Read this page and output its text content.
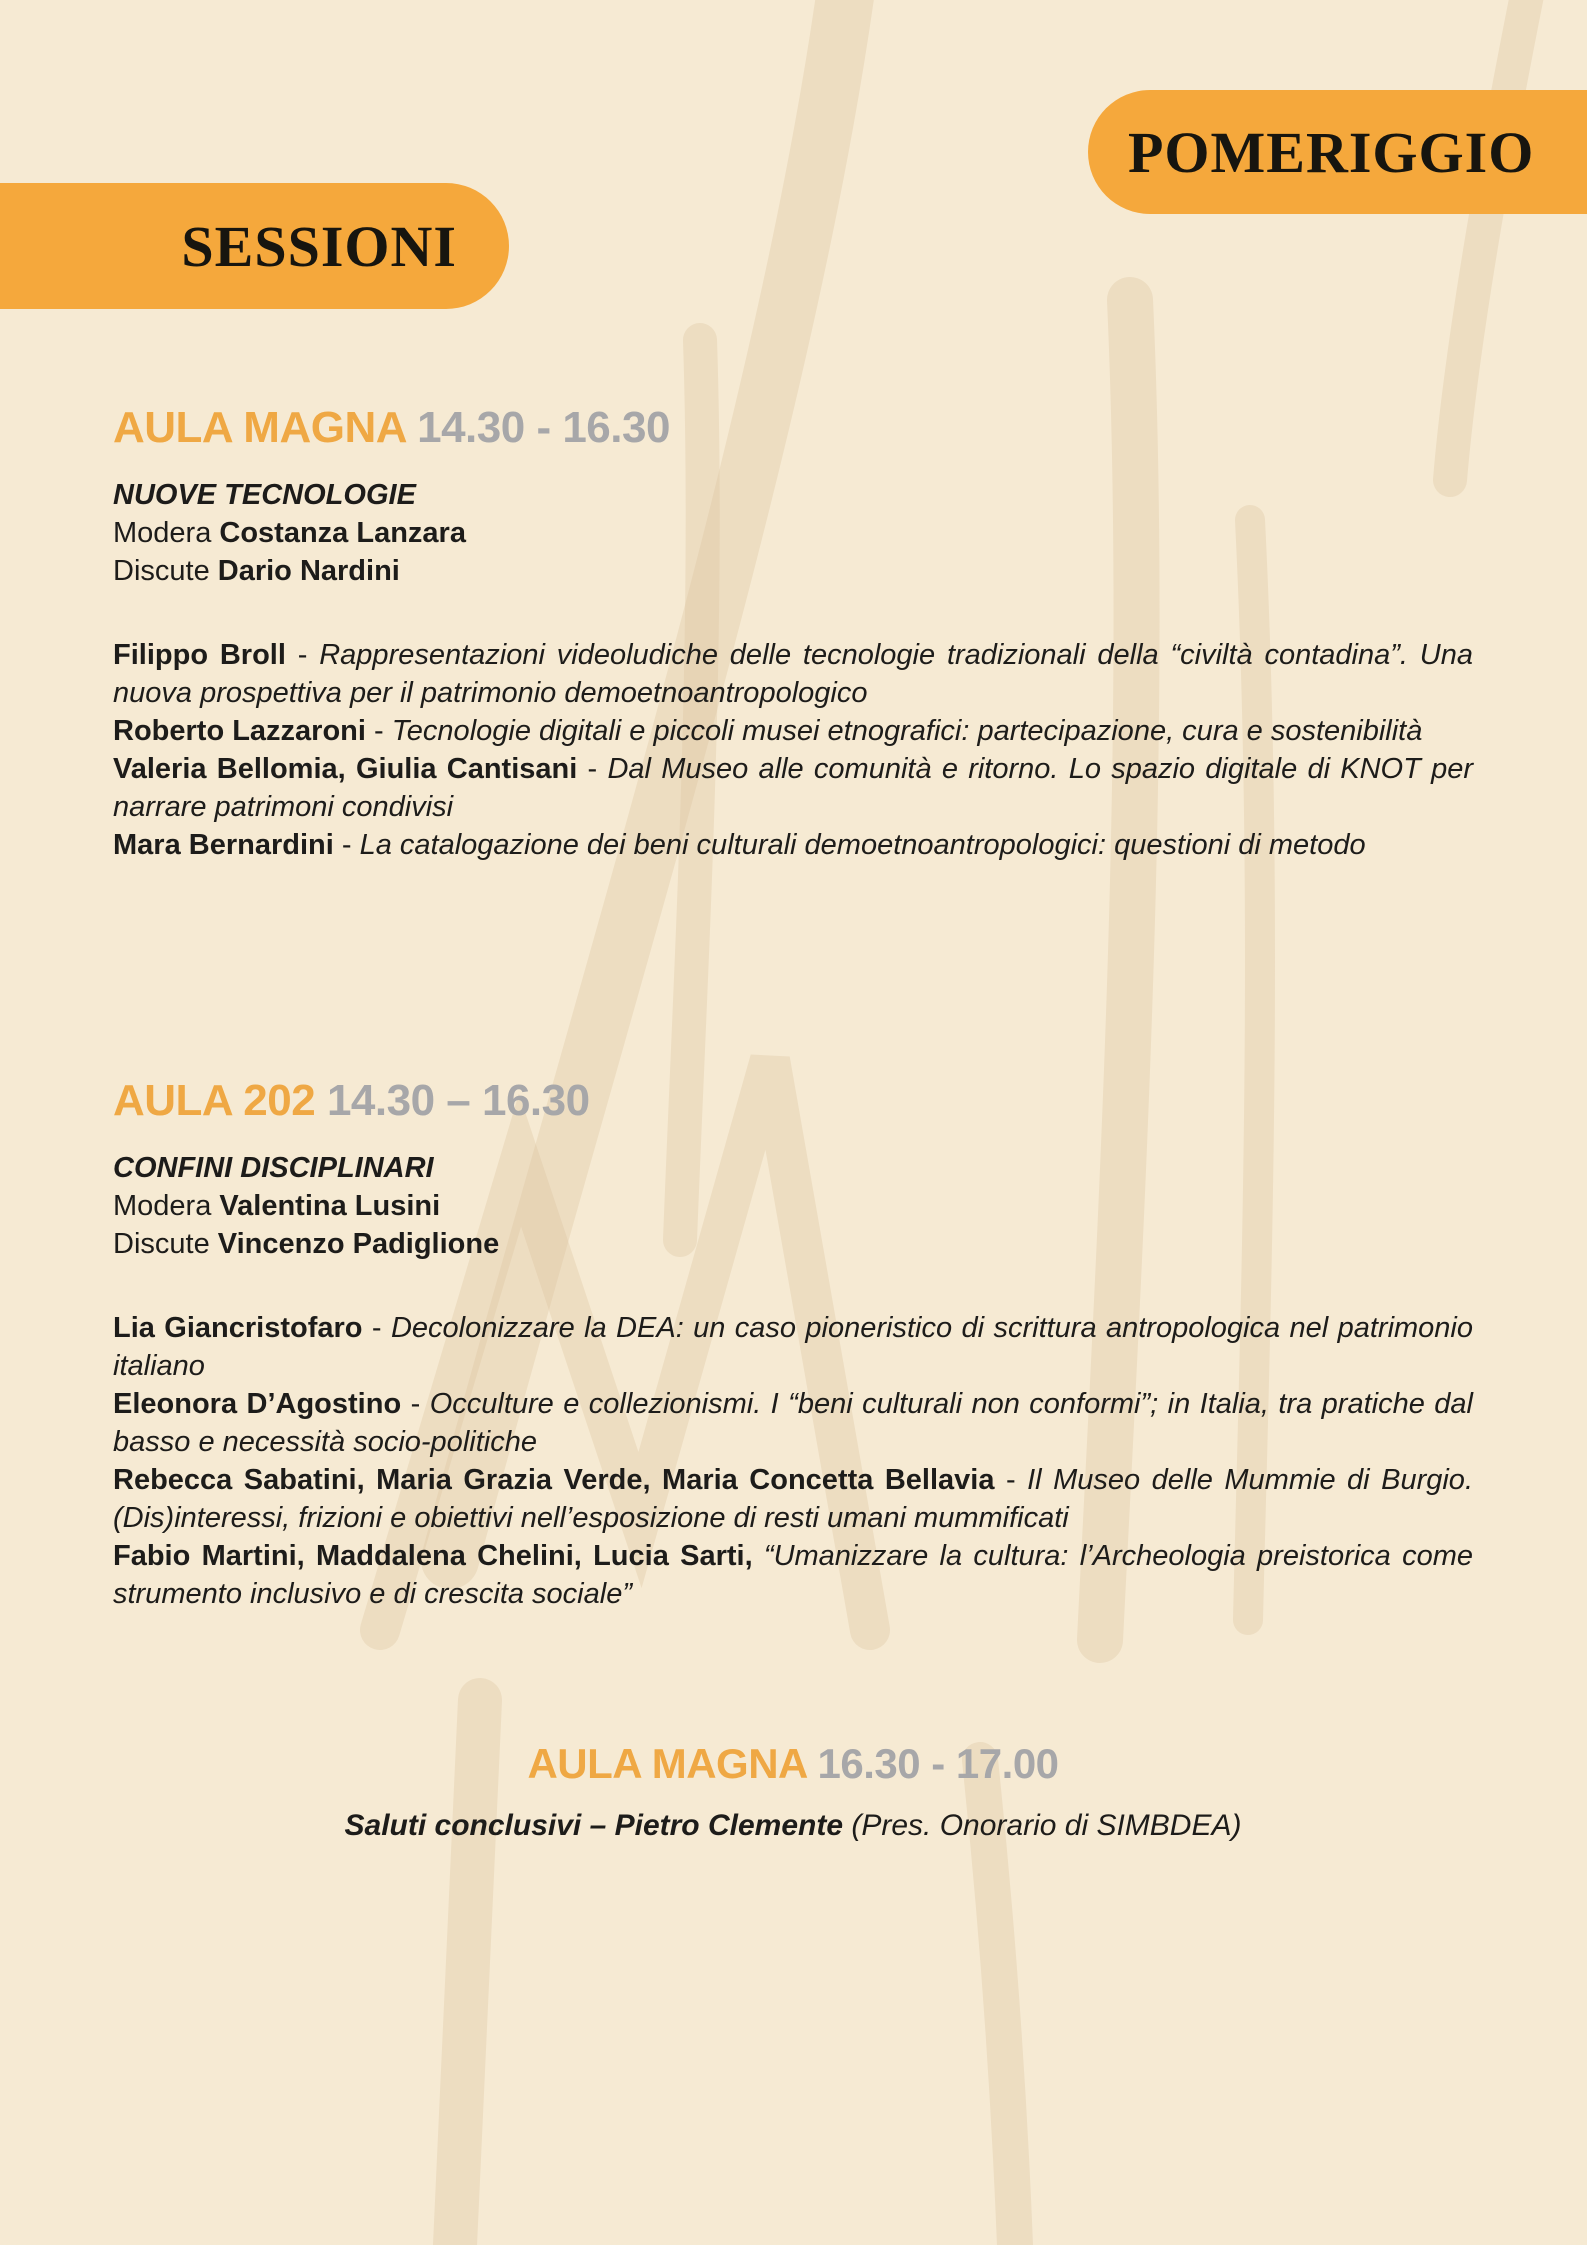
POMERIGGIO
SESSIONI
AULA MAGNA 14.30 - 16.30
NUOVE TECNOLOGIE
Modera Costanza Lanzara
Discute Dario Nardini

Filippo Broll - Rappresentazioni videoludiche delle tecnologie tradizionali della “civiltà contadina”. Una nuova prospettiva per il patrimonio demoetnoantropologico

Roberto Lazzaroni - Tecnologie digitali e piccoli musei etnografici: partecipazione, cura e sostenibilità

Valeria Bellomia, Giulia Cantisani - Dal Museo alle comunità e ritorno. Lo spazio digitale di KNOT per narrare patrimoni condivisi

Mara Bernardini - La catalogazione dei beni culturali demoetnoantropologici: questioni di metodo

AULA 202 14.30 – 16.30
CONFINI DISCIPLINARI
Modera Valentina Lusini
Discute Vincenzo Padiglione

Lia Giancristofaro - Decolonizzare la DEA: un caso pioneristico di scrittura antropologica nel patrimonio italiano

Eleonora D’Agostino - Occulture e collezionismi. I “beni culturali non conformi”; in Italia, tra pratiche dal basso e necessità socio-politiche

Rebecca Sabatini, Maria Grazia Verde, Maria Concetta Bellavia - Il Museo delle Mummie di Burgio. (Dis)interessi, frizioni e obiettivi nell’esposizione di resti umani mummificati

Fabio Martini, Maddalena Chelini, Lucia Sarti, “Umanizzare la cultura: l’Archeologia preistorica come strumento inclusivo e di crescita sociale”

AULA MAGNA 16.30 - 17.00
Saluti conclusivi – Pietro Clemente (Pres. Onorario di SIMBDEA)
